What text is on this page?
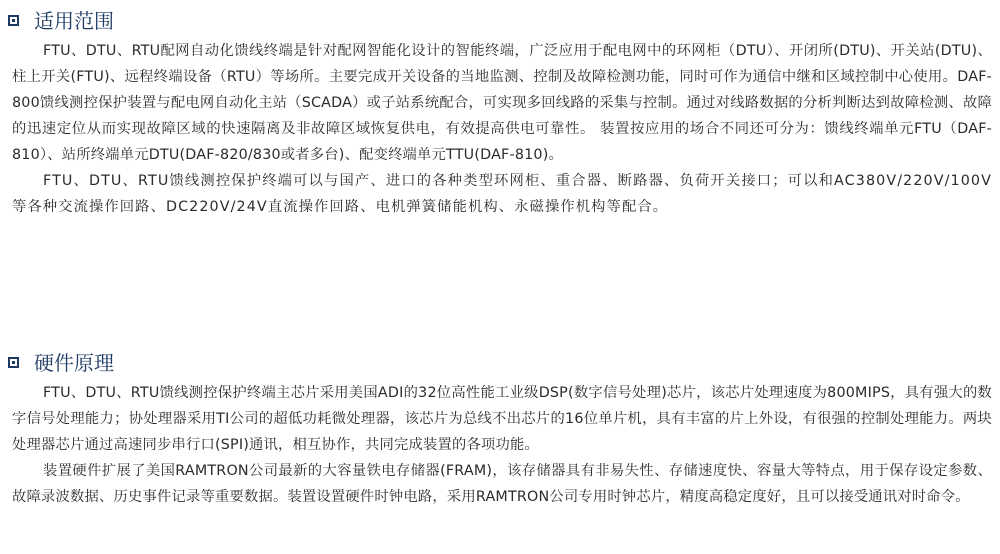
适用范围

FTU、DTU、RTU配网自动化馈线终端是针对配网智能化设计的智能终端，广泛应用于配电网中的环网柜（DTU）、开闭所(DTU)、开关站(DTU)、柱上开关(FTU)、远程终端设备（RTU）等场所。主要完成开关设备的当地监测、控制及故障检测功能，同时可作为通信中继和区域控制中心使用。DAF-800馈线测控保护装置与配电网自动化主站（SCADA）或子站系统配合，可实现多回线路的采集与控制。通过对线路数据的分析判断达到故障检测、故障的迅速定位从而实现故障区域的快速隔离及非故障区域恢复供电，有效提高供电可靠性。 装置按应用的场合不同还可分为：馈线终端单元FTU（DAF-810）、站所终端单元DTU(DAF-820/830或者多台)、配变终端单元TTU(DAF-810)。

FTU、DTU、RTU馈线测控保护终端可以与国产、进口的各种类型环网柜、重合器、断路器、负荷开关接口；可以和AC380V/220V/100V等各种交流操作回路、DC220V/24V直流操作回路、电机弹簧储能机构、永磁操作机构等配合。

硬件原理

FTU、DTU、RTU馈线测控保护终端主芯片采用美国ADI的32位高性能工业级DSP(数字信号处理)芯片，该芯片处理速度为800MIPS，具有强大的数字信号处理能力；协处理器采用TI公司的超低功耗微处理器，该芯片为总线不出芯片的16位单片机，具有丰富的片上外设，有很强的控制处理能力。两块处理器芯片通过高速同步串行口(SPI)通讯，相互协作，共同完成装置的各项功能。

装置硬件扩展了美国RAMTRON公司最新的大容量铁电存储器(FRAM)，该存储器具有非易失性、存储速度快、容量大等特点，用于保存设定参数、故障录波数据、历史事件记录等重要数据。装置设置硬件时钟电路，采用RAMTRON公司专用时钟芯片，精度高稳定度好，且可以接受通讯对时命令。
